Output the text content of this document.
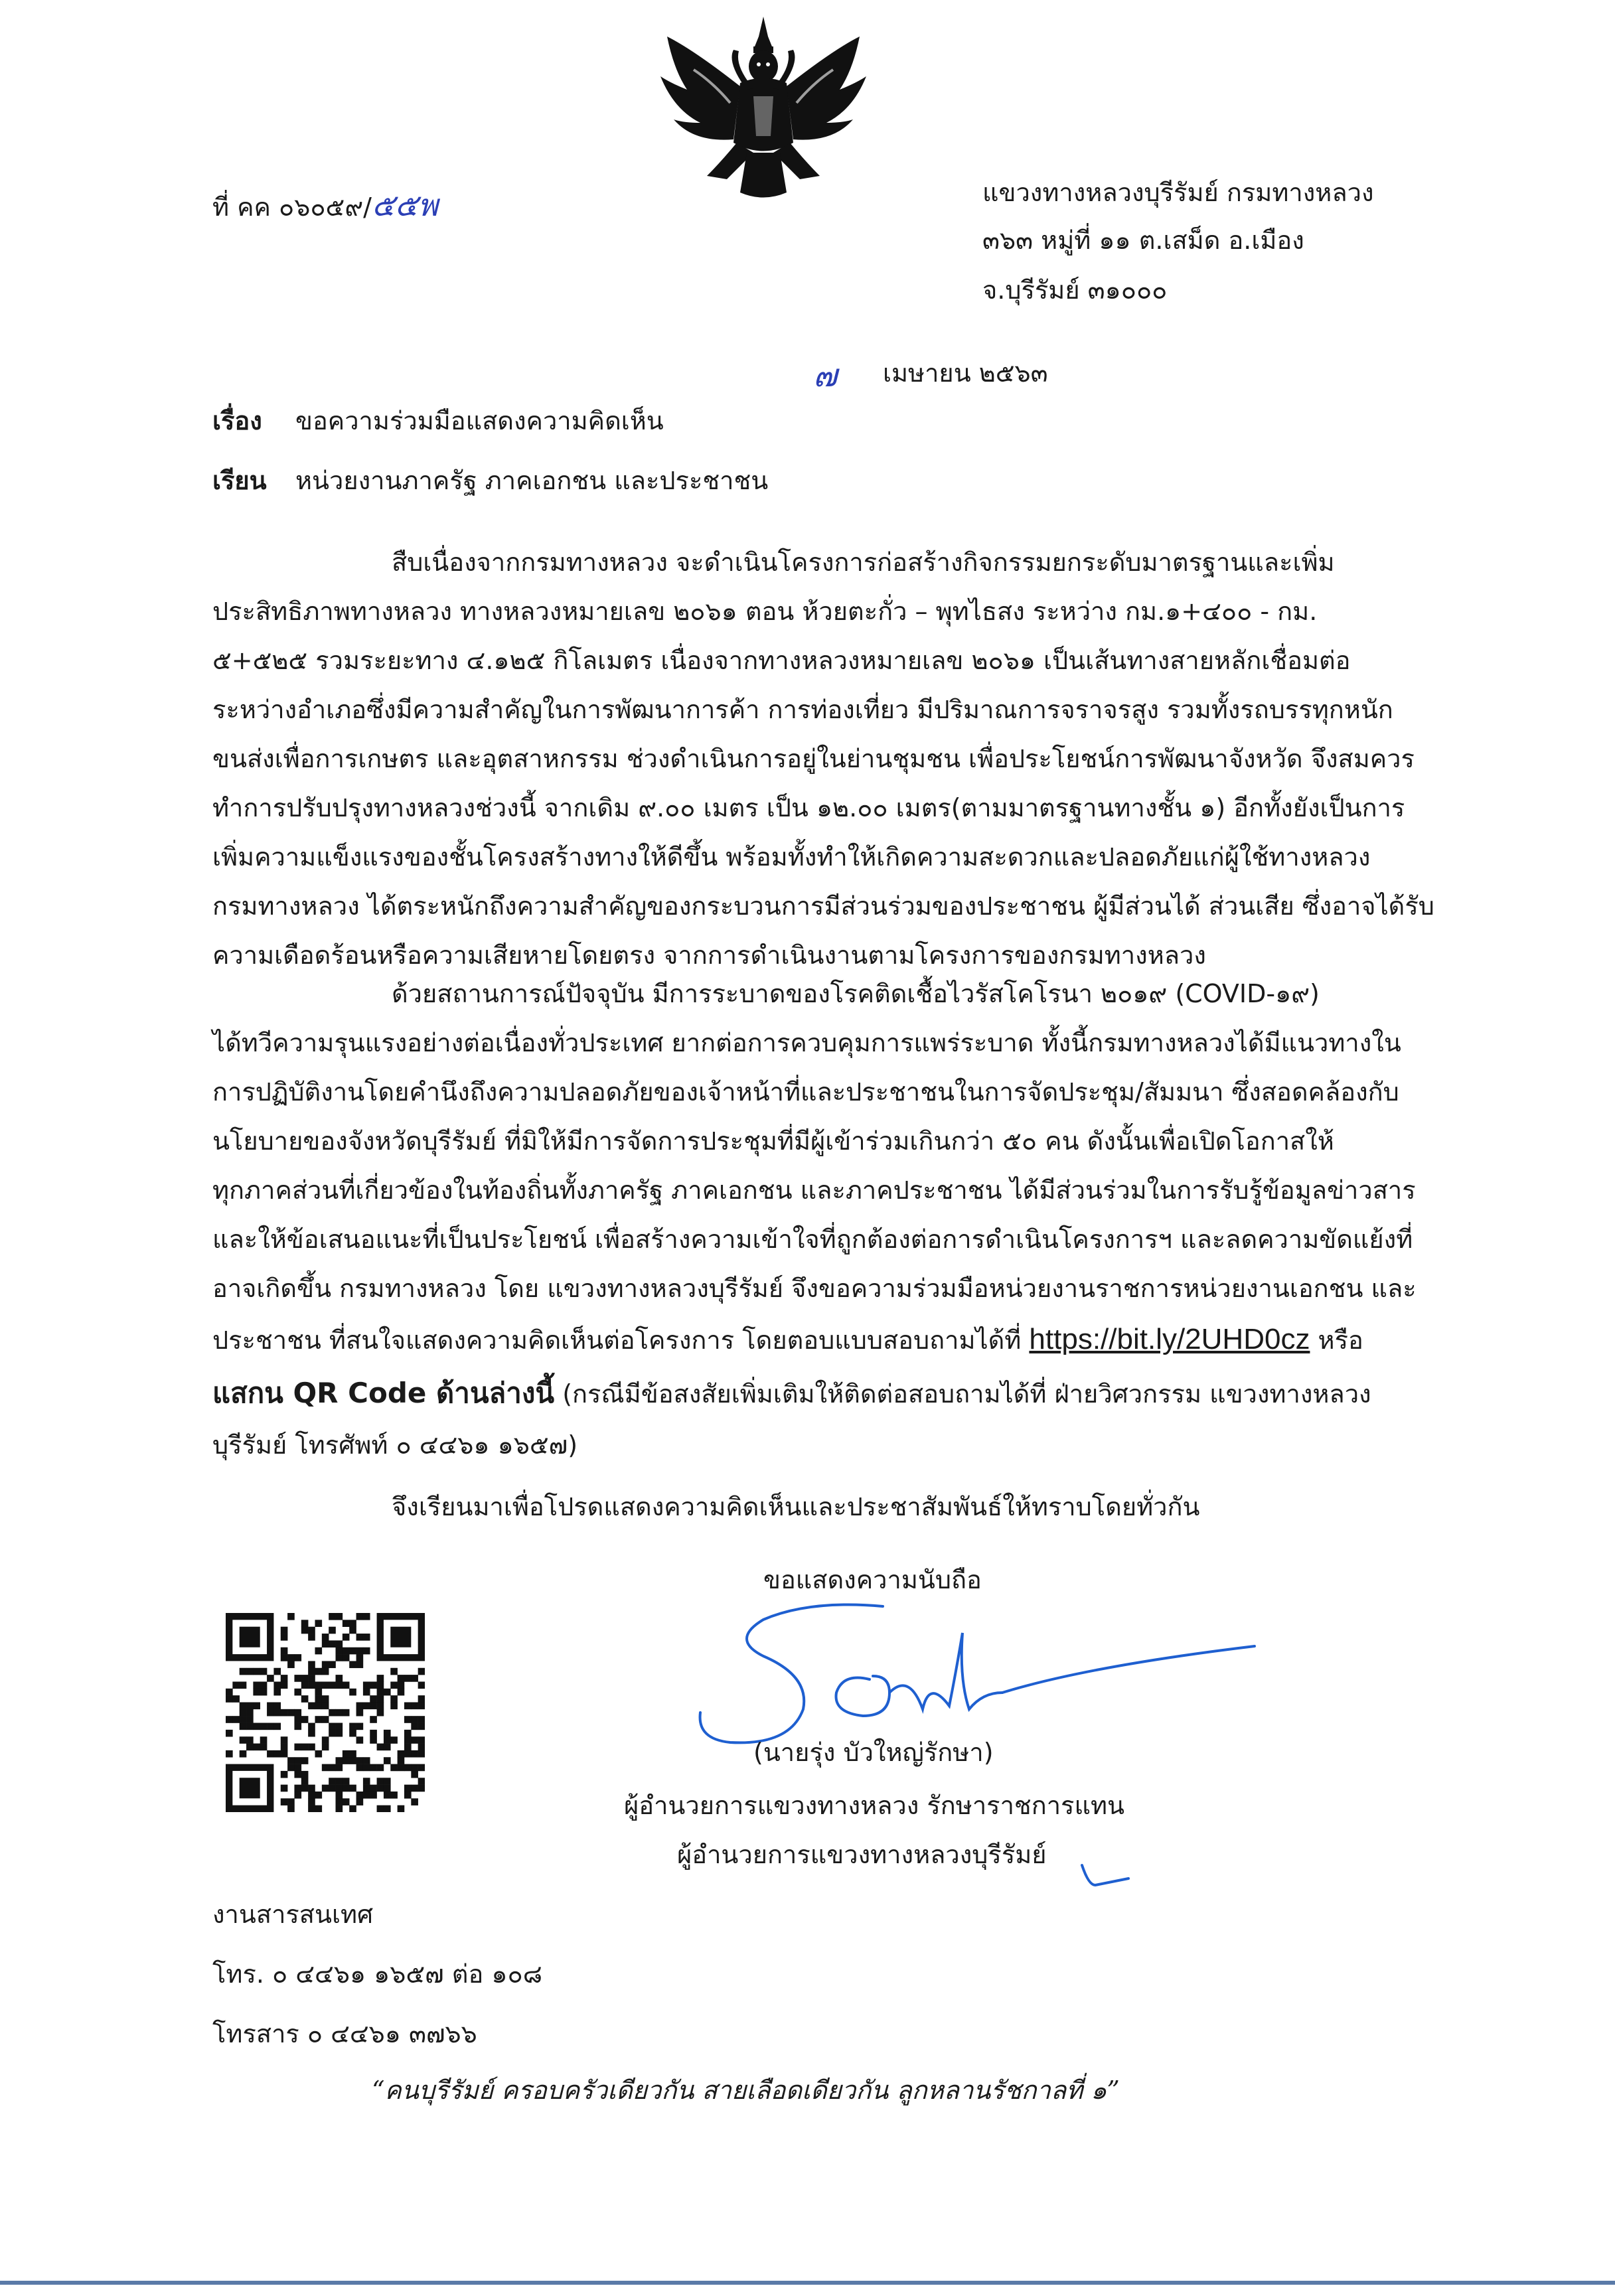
ที่ คค ๐๖๐๕๙/๕๕พ	แขวงทางหลวงบุรีรัมย์ กรมทางหลวง
๓๖๓ หมู่ที่ ๑๑ ต.เสม็ด อ.เมือง
จ.บุรีรัมย์ ๓๑๐๐๐
๗ เมษายน ๒๕๖๓
เรื่อง ขอความร่วมมือแสดงความคิดเห็น
เรียน หน่วยงานภาครัฐ ภาคเอกชน และประชาชน
สืบเนื่องจากกรมทางหลวง จะดำเนินโครงการก่อสร้างกิจกรรมยกระดับมาตรฐานและเพิ่ม
ประสิทธิภาพทางหลวง ทางหลวงหมายเลข ๒๐๖๑ ตอน ห้วยตะกั่ว – พุทไธสง ระหว่าง กม.๑+๔๐๐ - กม.
๕+๕๒๕ รวมระยะทาง ๔.๑๒๕ กิโลเมตร เนื่องจากทางหลวงหมายเลข ๒๐๖๑ เป็นเส้นทางสายหลักเชื่อมต่อ
ระหว่างอำเภอซึ่งมีความสำคัญในการพัฒนาการค้า การท่องเที่ยว มีปริมาณการจราจรสูง รวมทั้งรถบรรทุกหนัก
ขนส่งเพื่อการเกษตร และอุตสาหกรรม ช่วงดำเนินการอยู่ในย่านชุมชน เพื่อประโยชน์การพัฒนาจังหวัด จึงสมควร
ทำการปรับปรุงทางหลวงช่วงนี้ จากเดิม ๙.๐๐ เมตร เป็น ๑๒.๐๐ เมตร(ตามมาตรฐานทางชั้น ๑) อีกทั้งยังเป็นการ
เพิ่มความแข็งแรงของชั้นโครงสร้างทางให้ดีขึ้น พร้อมทั้งทำให้เกิดความสะดวกและปลอดภัยแก่ผู้ใช้ทางหลวง
กรมทางหลวง ได้ตระหนักถึงความสำคัญของกระบวนการมีส่วนร่วมของประชาชน ผู้มีส่วนได้ ส่วนเสีย ซึ่งอาจได้รับ
ความเดือดร้อนหรือความเสียหายโดยตรง จากการดำเนินงานตามโครงการของกรมทางหลวง
ด้วยสถานการณ์ปัจจุบัน มีการระบาดของโรคติดเชื้อไวรัสโคโรนา ๒๐๑๙ (COVID-๑๙)
ได้ทวีความรุนแรงอย่างต่อเนื่องทั่วประเทศ ยากต่อการควบคุมการแพร่ระบาด ทั้งนี้กรมทางหลวงได้มีแนวทางใน
การปฏิบัติงานโดยคำนึงถึงความปลอดภัยของเจ้าหน้าที่และประชาชนในการจัดประชุม/สัมมนา ซึ่งสอดคล้องกับ
นโยบายของจังหวัดบุรีรัมย์ ที่มิให้มีการจัดการประชุมที่มีผู้เข้าร่วมเกินกว่า ๕๐ คน ดังนั้นเพื่อเปิดโอกาสให้
ทุกภาคส่วนที่เกี่ยวข้องในท้องถิ่นทั้งภาครัฐ ภาคเอกชน และภาคประชาชน ได้มีส่วนร่วมในการรับรู้ข้อมูลข่าวสาร
และให้ข้อเสนอแนะที่เป็นประโยชน์ เพื่อสร้างความเข้าใจที่ถูกต้องต่อการดำเนินโครงการฯ และลดความขัดแย้งที่
อาจเกิดขึ้น กรมทางหลวง โดย แขวงทางหลวงบุรีรัมย์ จึงขอความร่วมมือหน่วยงานราชการหน่วยงานเอกชน และ
ประชาชน ที่สนใจแสดงความคิดเห็นต่อโครงการ โดยตอบแบบสอบถามได้ที่ https://bit.ly/2UHD0cz หรือ
แสกน QR Code ด้านล่างนี้ (กรณีมีข้อสงสัยเพิ่มเติมให้ติดต่อสอบถามได้ที่ ฝ่ายวิศวกรรม แขวงทางหลวง
บุรีรัมย์ โทรศัพท์ ๐ ๔๔๖๑ ๑๖๕๗)
จึงเรียนมาเพื่อโปรดแสดงความคิดเห็นและประชาสัมพันธ์ให้ทราบโดยทั่วกัน
ขอแสดงความนับถือ
(นายรุ่ง บัวใหญ่รักษา)
ผู้อำนวยการแขวงทางหลวง รักษาราชการแทน
ผู้อำนวยการแขวงทางหลวงบุรีรัมย์
งานสารสนเทศ
โทร. ๐ ๔๔๖๑ ๑๖๕๗ ต่อ ๑๐๘
โทรสาร ๐ ๔๔๖๑ ๓๗๖๖
“คนบุรีรัมย์ ครอบครัวเดียวกัน สายเลือดเดียวกัน ลูกหลานรัชกาลที่ ๑”
